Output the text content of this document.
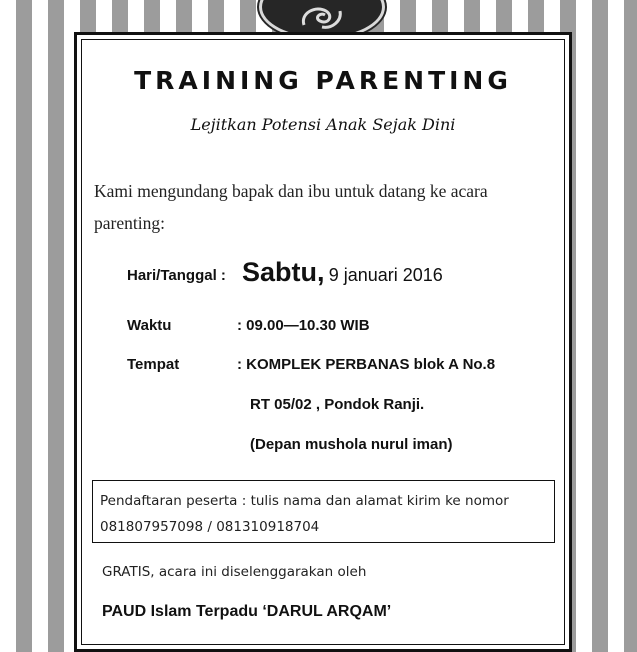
TRAINING PARENTING
Lejitkan Potensi Anak Sejak Dini
Kami mengundang bapak dan ibu untuk datang ke acara parenting:
Hari/Tanggal : Sabtu, 9 januari 2016
Waktu	: 09.00—10.30 WIB
Tempat	: KOMPLEK PERBANAS blok A No.8
RT 05/02 , Pondok Ranji.
(Depan mushola nurul iman)
Pendaftaran peserta : tulis nama dan alamat kirim ke nomor 081807957098 / 081310918704
GRATIS, acara ini diselenggarakan oleh
PAUD Islam Terpadu ‘DARUL ARQAM’
